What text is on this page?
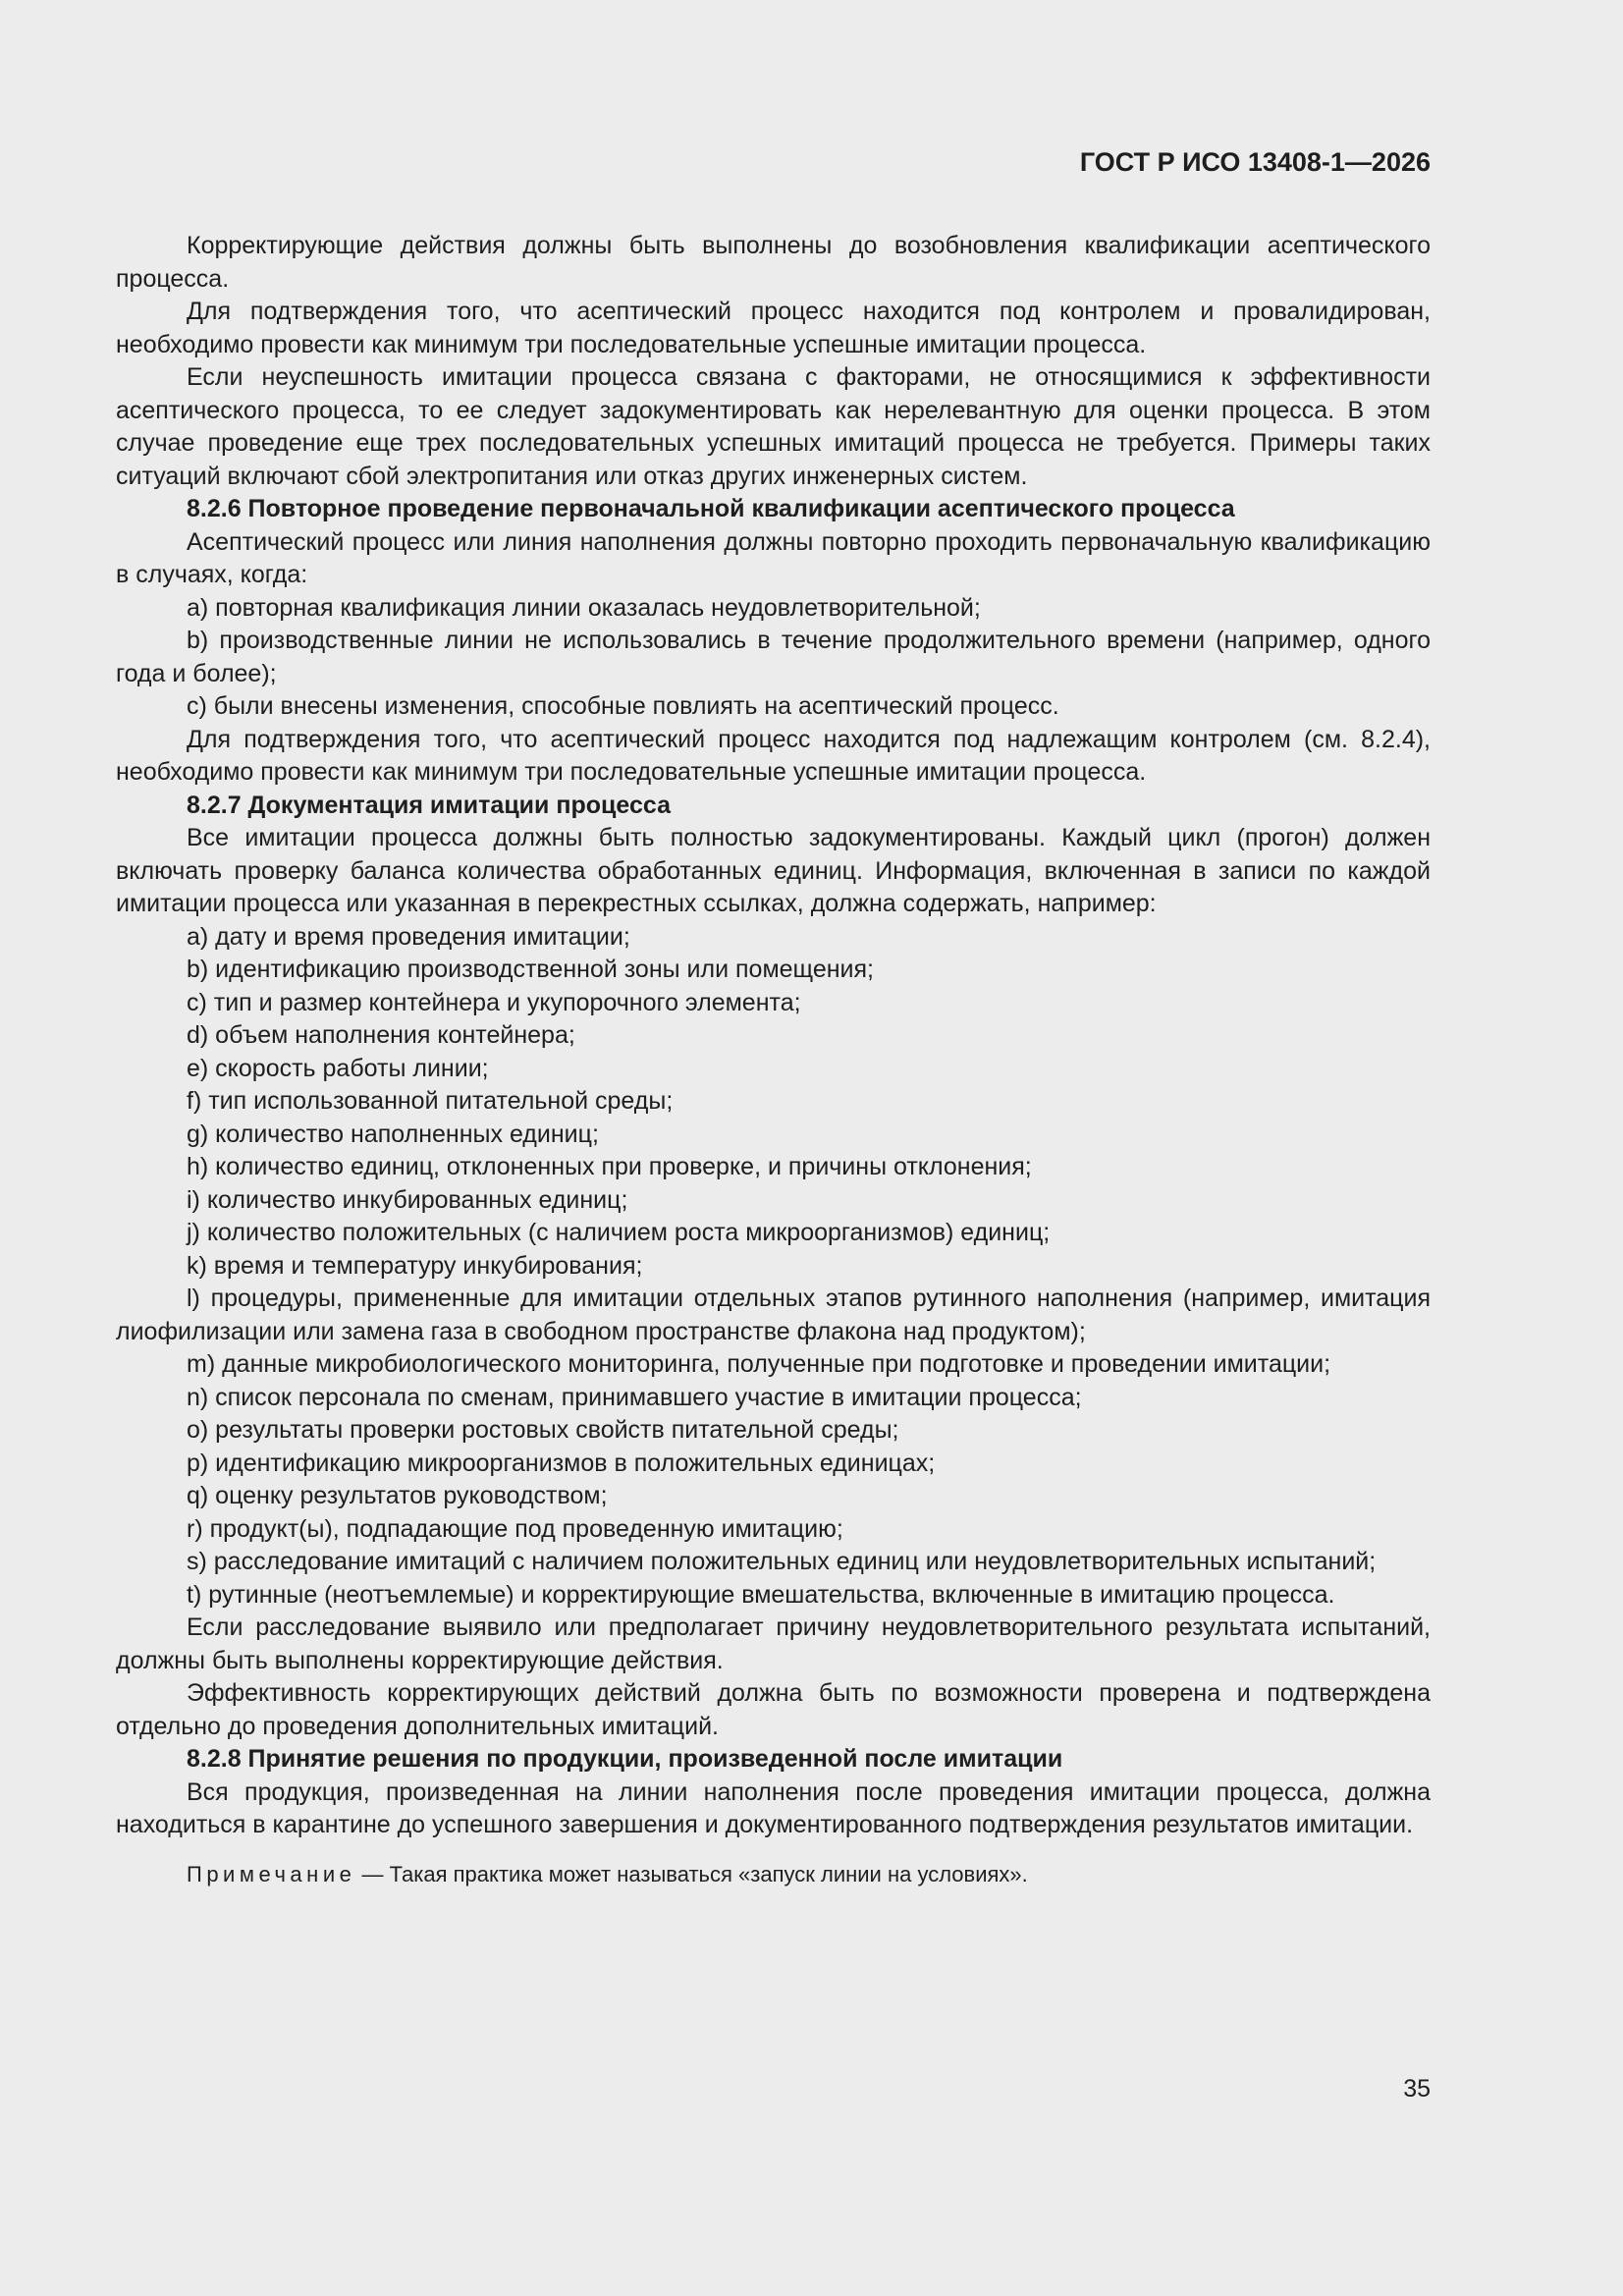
ГОСТ Р ИСО 13408-1—2026

Корректирующие действия должны быть выполнены до возобновления квалификации асептического процесса.

Для подтверждения того, что асептический процесс находится под контролем и провалидирован, необходимо провести как минимум три последовательные успешные имитации процесса.

Если неуспешность имитации процесса связана с факторами, не относящимися к эффективности асептического процесса, то ее следует задокументировать как нерелевантную для оценки процесса. В этом случае проведение еще трех последовательных успешных имитаций процесса не требуется. Примеры таких ситуаций включают сбой электропитания или отказ других инженерных систем.

8.2.6 Повторное проведение первоначальной квалификации асептического процесса

Асептический процесс или линия наполнения должны повторно проходить первоначальную квалификацию в случаях, когда:

a) повторная квалификация линии оказалась неудовлетворительной;

b) производственные линии не использовались в течение продолжительного времени (например, одного года и более);

c) были внесены изменения, способные повлиять на асептический процесс.

Для подтверждения того, что асептический процесс находится под надлежащим контролем (см. 8.2.4), необходимо провести как минимум три последовательные успешные имитации процесса.

8.2.7 Документация имитации процесса

Все имитации процесса должны быть полностью задокументированы. Каждый цикл (прогон) должен включать проверку баланса количества обработанных единиц. Информация, включенная в записи по каждой имитации процесса или указанная в перекрестных ссылках, должна содержать, например:

a) дату и время проведения имитации;

b) идентификацию производственной зоны или помещения;

c) тип и размер контейнера и укупорочного элемента;

d) объем наполнения контейнера;

e) скорость работы линии;

f) тип использованной питательной среды;

g) количество наполненных единиц;

h) количество единиц, отклоненных при проверке, и причины отклонения;

i) количество инкубированных единиц;

j) количество положительных (с наличием роста микроорганизмов) единиц;

k) время и температуру инкубирования;

l) процедуры, примененные для имитации отдельных этапов рутинного наполнения (например, имитация лиофилизации или замена газа в свободном пространстве флакона над продуктом);

m) данные микробиологического мониторинга, полученные при подготовке и проведении имитации;

n) список персонала по сменам, принимавшего участие в имитации процесса;

o) результаты проверки ростовых свойств питательной среды;

p) идентификацию микроорганизмов в положительных единицах;

q) оценку результатов руководством;

r) продукт(ы), подпадающие под проведенную имитацию;

s) расследование имитаций с наличием положительных единиц или неудовлетворительных испытаний;

t) рутинные (неотъемлемые) и корректирующие вмешательства, включенные в имитацию процесса.

Если расследование выявило или предполагает причину неудовлетворительного результата испытаний, должны быть выполнены корректирующие действия.

Эффективность корректирующих действий должна быть по возможности проверена и подтверждена отдельно до проведения дополнительных имитаций.

8.2.8 Принятие решения по продукции, произведенной после имитации

Вся продукция, произведенная на линии наполнения после проведения имитации процесса, должна находиться в карантине до успешного завершения и документированного подтверждения результатов имитации.

Примечание — Такая практика может называться «запуск линии на условиях».

35
